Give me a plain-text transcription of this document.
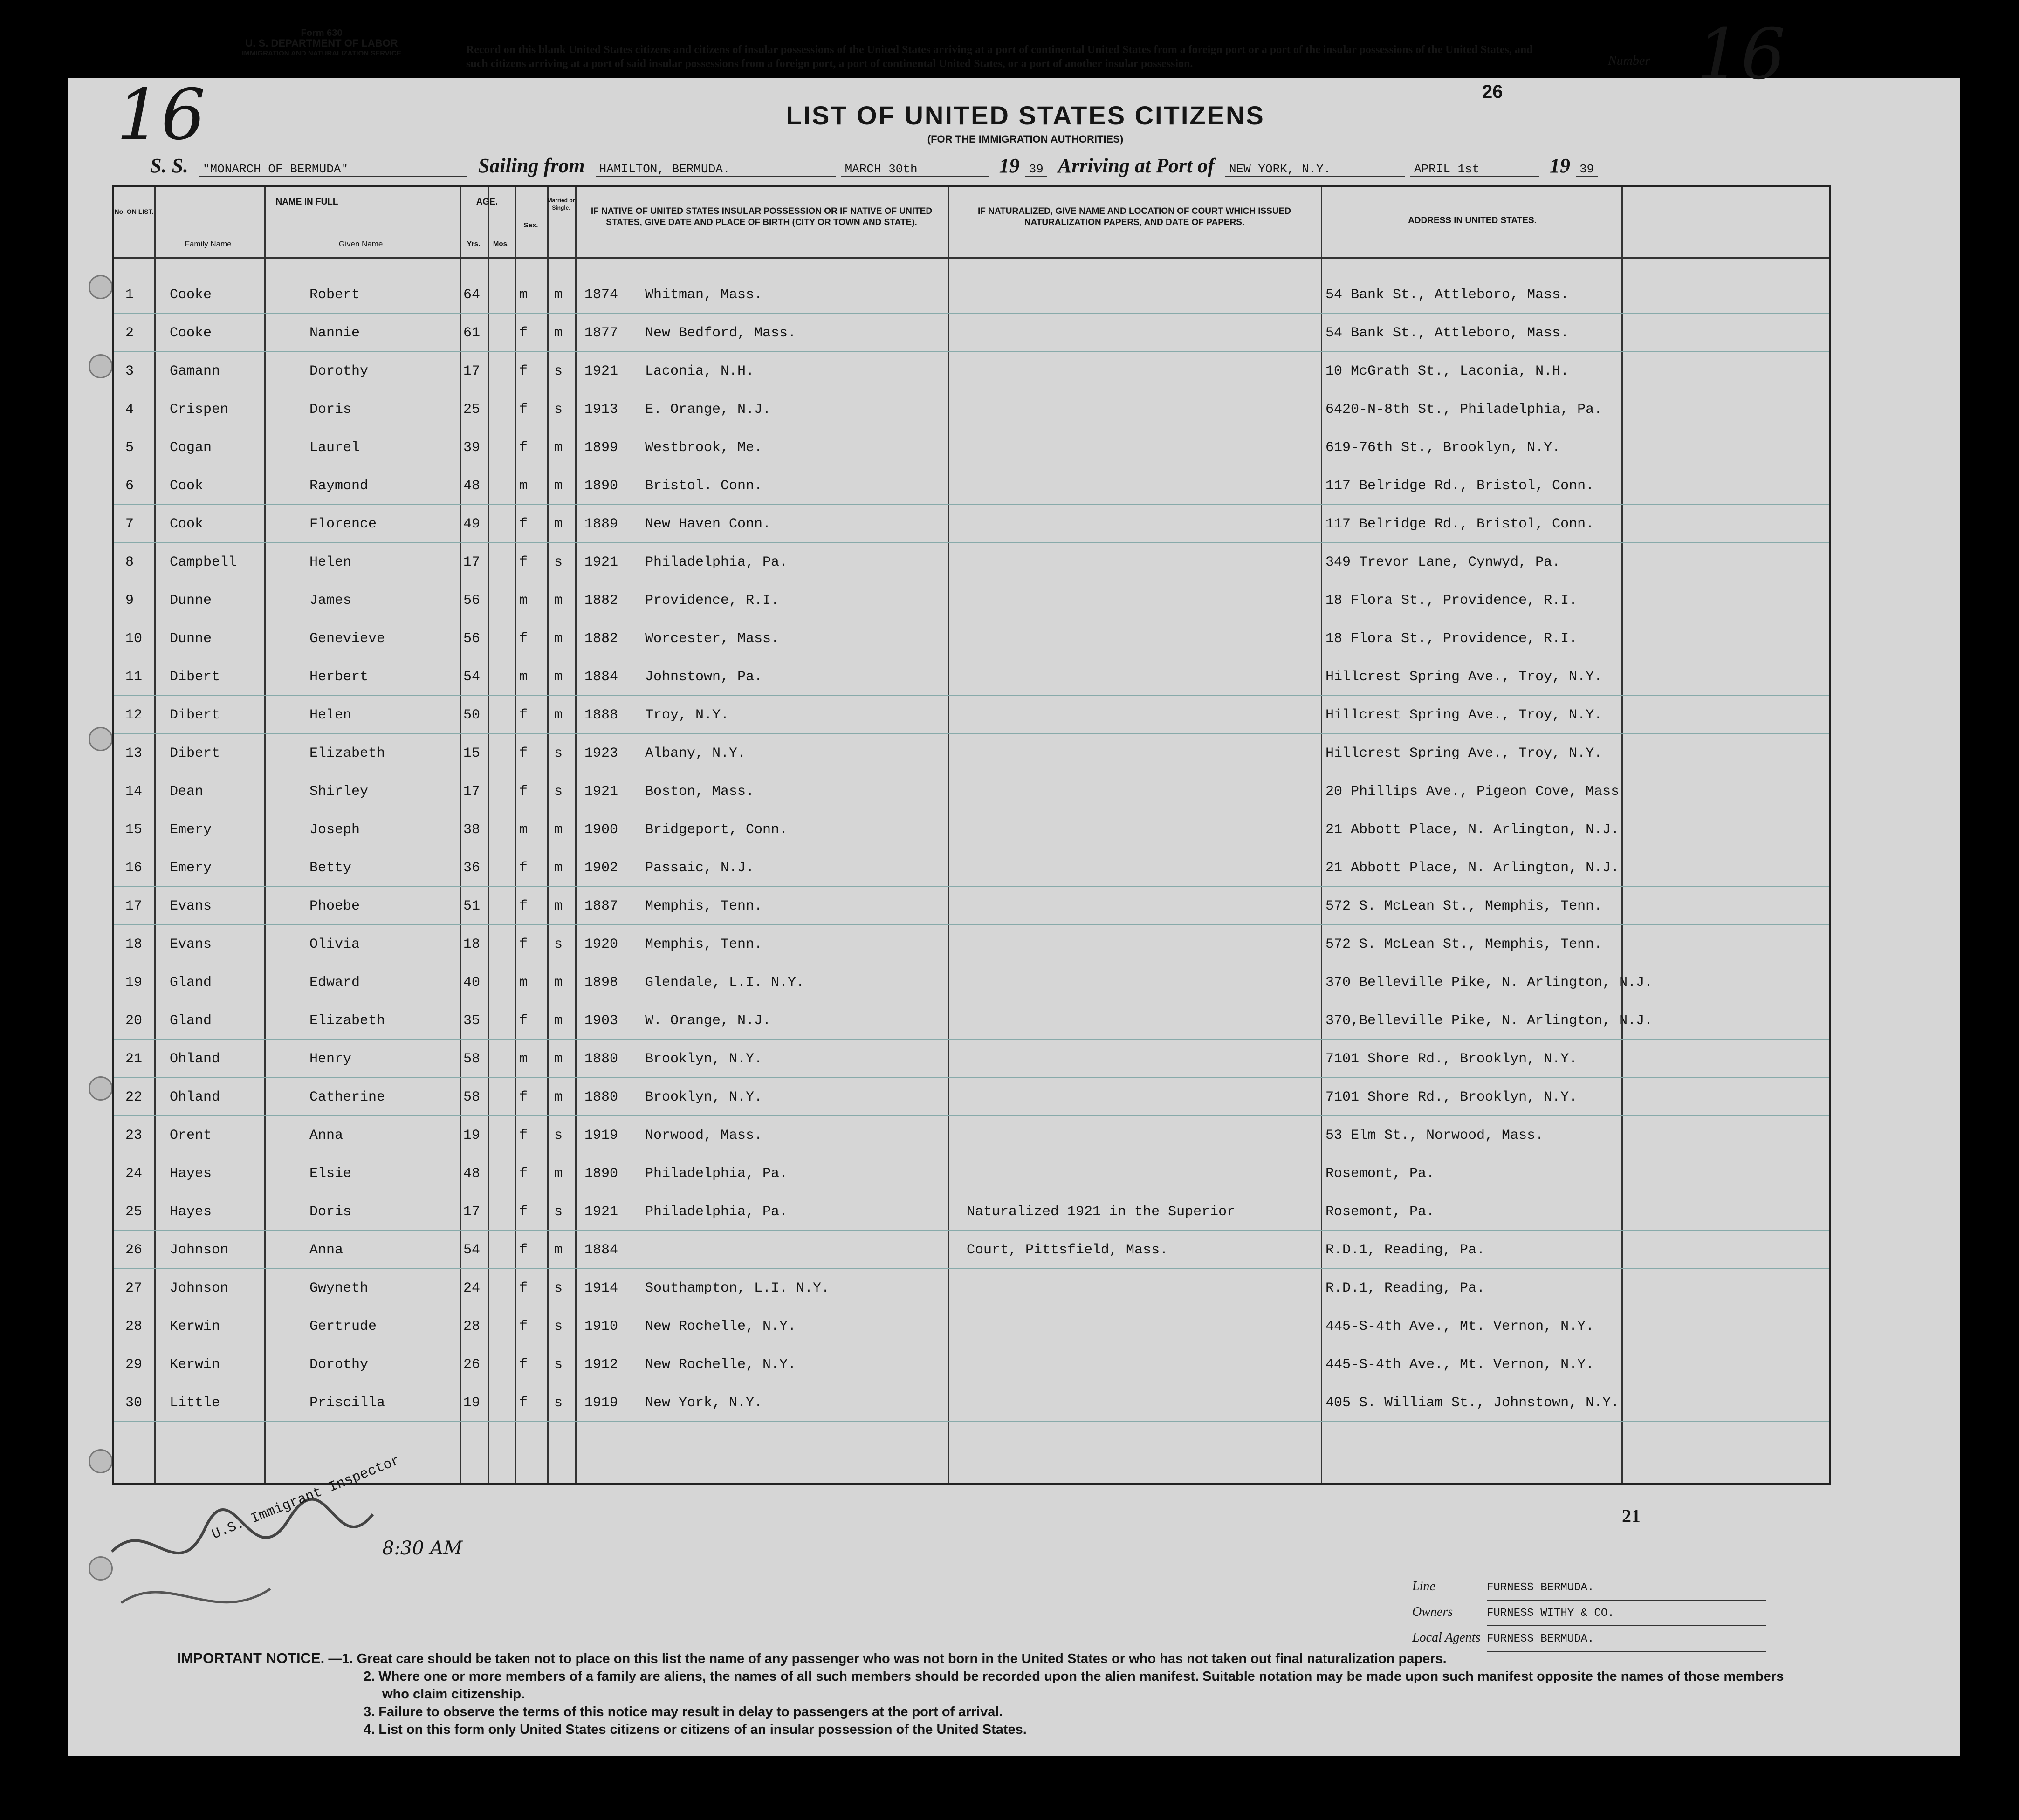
Form 630
U. S. DEPARTMENT OF LABOR
IMMIGRATION AND NATURALIZATION SERVICE
16
Record on this blank United States citizens and citizens of insular possessions of the United States arriving at a port of continental United States from a foreign port or a port of the insular possessions of the United States, and such citizens arriving at a port of said insular possessions from a foreign port, a port of continental United States, or a port of another insular possession.
LIST OF UNITED STATES CITIZENS
(FOR THE IMMIGRATION AUTHORITIES)
26
Number 16
S. S. "MONARCH OF BERMUDA"	Sailing from HAMILTON, BERMUDA.	MARCH 30th	19 39 Arriving at Port of NEW YORK, N.Y.	APRIL 1st	19 39
No. ON LIST.
NAME IN FULL
Family Name.	Given Name.
AGE.
Yrs.	Mos.
Sex.
Married or Single.	IF NATIVE OF UNITED STATES INSULAR POSSESSION OR IF NATIVE OF UNITED STATES, GIVE DATE AND PLACE OF BIRTH (CITY OR TOWN AND STATE).
IF NATURALIZED, GIVE NAME AND LOCATION OF COURT WHICH ISSUED NATURALIZATION PAPERS, AND DATE OF PAPERS.	ADDRESS IN UNITED STATES.
1	Cooke	Robert	64	m m 1874 Whitman, Mass.	54 Bank St., Attleboro, Mass.
2	Cooke	Nannie	61	f m 1877 New Bedford, Mass.	54 Bank St., Attleboro, Mass.
3	Gamann	Dorothy	17	f s 1921 Laconia, N.H.	10 McGrath St., Laconia, N.H.
4	Crispen	Doris	25	f s 1913 E. Orange, N.J.	6420-N-8th St., Philadelphia, Pa.
5	Cogan	Laurel	39	f m 1899 Westbrook, Me.	619-76th St., Brooklyn, N.Y.
6	Cook	Raymond	48	m m 1890 Bristol. Conn.	117 Belridge Rd., Bristol, Conn.
7	Cook	Florence	49	f m 1889 New Haven Conn.	117 Belridge Rd., Bristol, Conn.
8	Campbell	Helen	17	f s 1921 Philadelphia, Pa.	349 Trevor Lane, Cynwyd, Pa.
9	Dunne	James	56	m m 1882 Providence, R.I.	18 Flora St., Providence, R.I.
10 Dunne	Genevieve	56	f m 1882 Worcester, Mass.	18 Flora St., Providence, R.I.
11 Dibert	Herbert	54	m m 1884 Johnstown, Pa.	Hillcrest Spring Ave., Troy, N.Y.
12 Dibert	Helen	50	f m 1888 Troy, N.Y.	Hillcrest Spring Ave., Troy, N.Y.
13 Dibert	Elizabeth	15	f s 1923 Albany, N.Y.	Hillcrest Spring Ave., Troy, N.Y.
14 Dean	Shirley	17	f s 1921 Boston, Mass.	20 Phillips Ave., Pigeon Cove, Mass
15 Emery	Joseph	38	m m 1900 Bridgeport, Conn.	21 Abbott Place, N. Arlington, N.J.
16 Emery	Betty	36	f m 1902 Passaic, N.J.	21 Abbott Place, N. Arlington, N.J.
17 Evans	Phoebe	51	f m 1887 Memphis, Tenn.	572 S. McLean St., Memphis, Tenn.
18 Evans	Olivia	18	f s 1920 Memphis, Tenn.	572 S. McLean St., Memphis, Tenn.
19 Gland	Edward	40	m m 1898 Glendale, L.I. N.Y.	370 Belleville Pike, N. Arlington, N.J.
20 Gland	Elizabeth	35	f m 1903 W. Orange, N.J.	370,Belleville Pike, N. Arlington, N.J.
21 Ohland	Henry	58	m m 1880 Brooklyn, N.Y.	7101 Shore Rd., Brooklyn, N.Y.
22 Ohland	Catherine	58	f m 1880 Brooklyn, N.Y.	7101 Shore Rd., Brooklyn, N.Y.
23 Orent	Anna	19	f s 1919 Norwood, Mass.	53 Elm St., Norwood, Mass.
24 Hayes	Elsie	48	f m 1890 Philadelphia, Pa.	Rosemont, Pa.
25 Hayes	Doris	17	f s 1921 Philadelphia, Pa.	Naturalized 1921 in the Superior	Rosemont, Pa.
26 Johnson	Anna	54	f m 1884	Court, Pittsfield, Mass.	R.D.1, Reading, Pa.
27 Johnson	Gwyneth	24	f s 1914 Southampton, L.I. N.Y.	R.D.1, Reading, Pa.
28 Kerwin	Gertrude	28	f s 1910 New Rochelle, N.Y.	445-S-4th Ave., Mt. Vernon, N.Y.
29 Kerwin	Dorothy	26	f s 1912 New Rochelle, N.Y.	445-S-4th Ave., Mt. Vernon, N.Y.
30 Little	Priscilla	19	f s 1919 New York, N.Y.	405 S. William St., Johnstown, N.Y.
U.S. Immigrant Inspector
8:30 AM
21
Line	FURNESS BERMUDA.
Owners	FURNESS WITHY & CO.
Local Agents FURNESS BERMUDA.
IMPORTANT NOTICE. —1. Great care should be taken not to place on this list the name of any passenger who was not born in the United States or who has not taken out final naturalization papers.
2. Where one or more members of a family are aliens, the names of all such members should be recorded upon the alien manifest. Suitable notation may be made upon such manifest opposite the names of those members who claim citizenship.
3. Failure to observe the terms of this notice may result in delay to passengers at the port of arrival.
4. List on this form only United States citizens or citizens of an insular possession of the United States.
